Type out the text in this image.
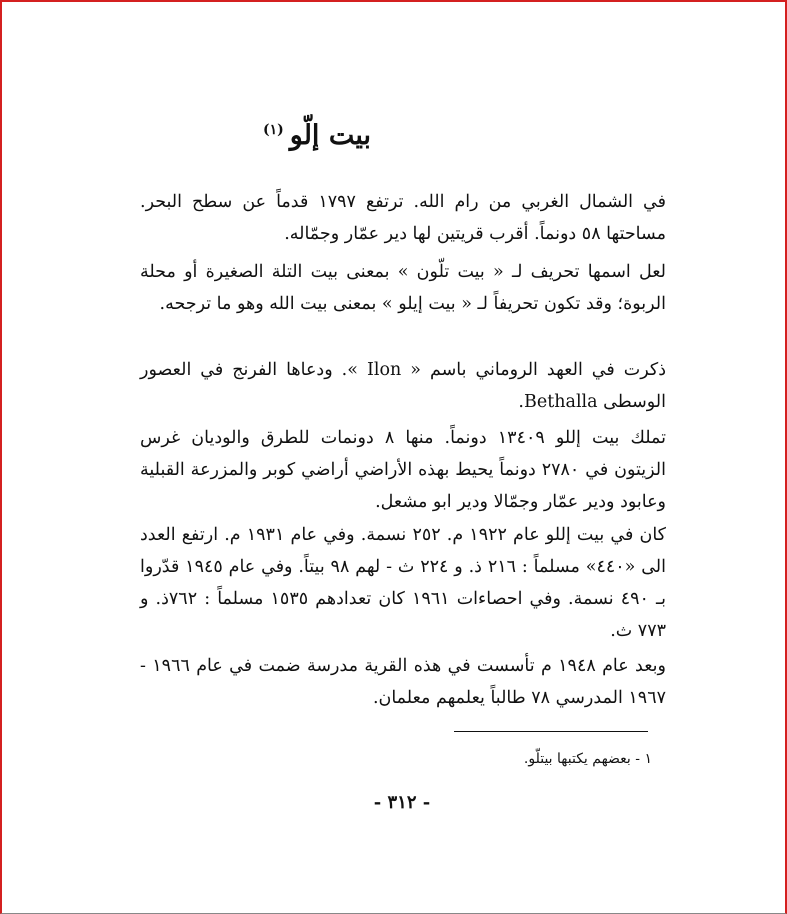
بيت إلّو$^{(١)}$
في الشمال الغربي من رام الله. ترتفع ١٧٩٧ قدماً عن سطح البحر. مساحتها ٥٨ دونماً. أقرب قريتين لها دير عمّار وجمّاله.
لعل اسمها تحريف لـ « بيت تلّون » بمعنى بيت التلة الصغيرة أو محلة الربوة؛ وقد تكون تحريفاً لـ « بيت إيلو » بمعنى بيت الله وهو ما ترجحه.
ذكرت في العهد الروماني باسم « Ilon ». ودعاها الفرنج في العصور الوسطى Bethalla.
تملك بيت إللو ١٣٤٠٩ دونماً. منها ٨ دونمات للطرق والوديان غرس الزيتون في ٢٧٨٠ دونماً يحيط بهذه الأراضي أراضي كوبر والمزرعة القبلية وعابود ودير عمّار وجمّالا ودير ابو مشعل.
كان في بيت إللو عام ١٩٢٢ م. ٢٥٢ نسمة. وفي عام ١٩٣١ م. ارتفع العدد الى «٤٤٠» مسلماً : ٢١٦ ذ. و ٢٢٤ ث - لهم ٩٨ بيتاً. وفي عام ١٩٤٥ قدّروا بـ ٤٩٠ نسمة. وفي احصاءات ١٩٦١ كان تعدادهم ١٥٣٥ مسلماً : ٧٦٢ذ. و ٧٧٣ ث.
وبعد عام ١٩٤٨ م تأسست في هذه القرية مدرسة ضمت في عام ١٩٦٦ - ١٩٦٧ المدرسي ٧٨ طالباً يعلمهم معلمان.
١ - بعضهم يكتبها بيتلّو.
- ٣١٢ -
